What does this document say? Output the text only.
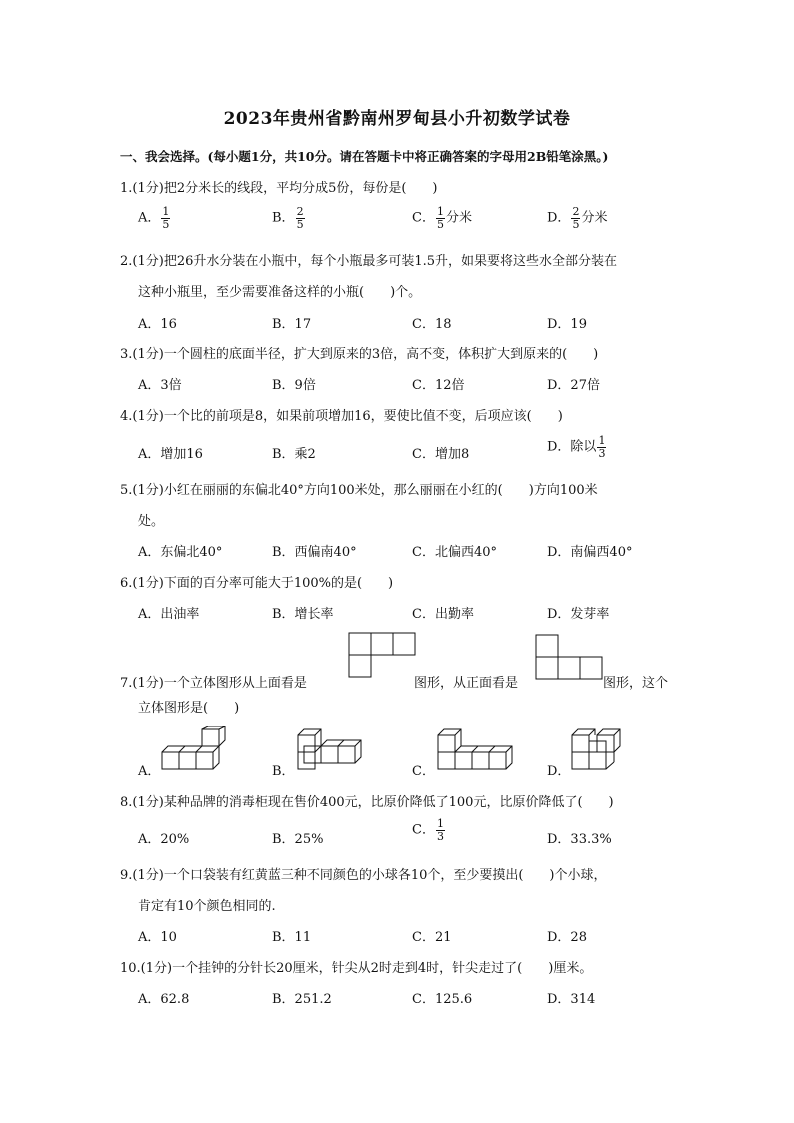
2023年贵州省黔南州罗甸县小升初数学试卷
一、我会选择。(每小题1分，共10分。请在答题卡中将正确答案的字母用2B铅笔涂黑。)
1.(1分)把2分米长的线段，平均分成5份，每份是(　　)
A． $\frac{1}{5}$	B． $\frac{2}{5}$	C． $\frac{1}{5}$ 分米	D． $\frac{2}{5}$ 分米
2.(1分)把26升水分装在小瓶中，每个小瓶最多可装1.5升，如果要将这些水全部分装在
这种小瓶里，至少需要准备这样的小瓶(　　)个。
A．16	B．17	C．18	D．19
3.(1分)一个圆柱的底面半径，扩大到原来的3倍，高不变，体积扩大到原来的(　　)
A．3倍	B．9倍	C．12倍	D．27倍
4.(1分)一个比的前项是8，如果前项增加16，要使比值不变，后项应该(　　)
A．增加16	B．乘2	C．增加8	D．除以 $\frac{1}{3}$
5.(1分)小红在丽丽的东偏北40°方向100米处，那么丽丽在小红的(　　)方向100米
处。
A．东偏北40°	B．西偏南40°	C．北偏西40°	D．南偏西40°
6.(1分)下面的百分率可能大于100%的是(　　)
A．出油率	B．增长率	C．出勤率	D．发芽率
7.(1分)一个立体图形从上面看是	图形，从正面看是	图形，这个
立体图形是(　　)
A．	B．	C．	D．
8.(1分)某种品牌的消毒柜现在售价400元，比原价降低了100元，比原价降低了(　　)
A．20%	B．25%
C． $\frac{1}{3}$	D．33.3%
9.(1分)一个口袋装有红黄蓝三种不同颜色的小球各10个，至少要摸出(　　)个小球，
肯定有10个颜色相同的.
A．10	B．11	C．21	D．28
10.(1分)一个挂钟的分针长20厘米，针尖从2时走到4时，针尖走过了(　　)厘米。
A．62.8	B．251.2	C．125.6	D．314
